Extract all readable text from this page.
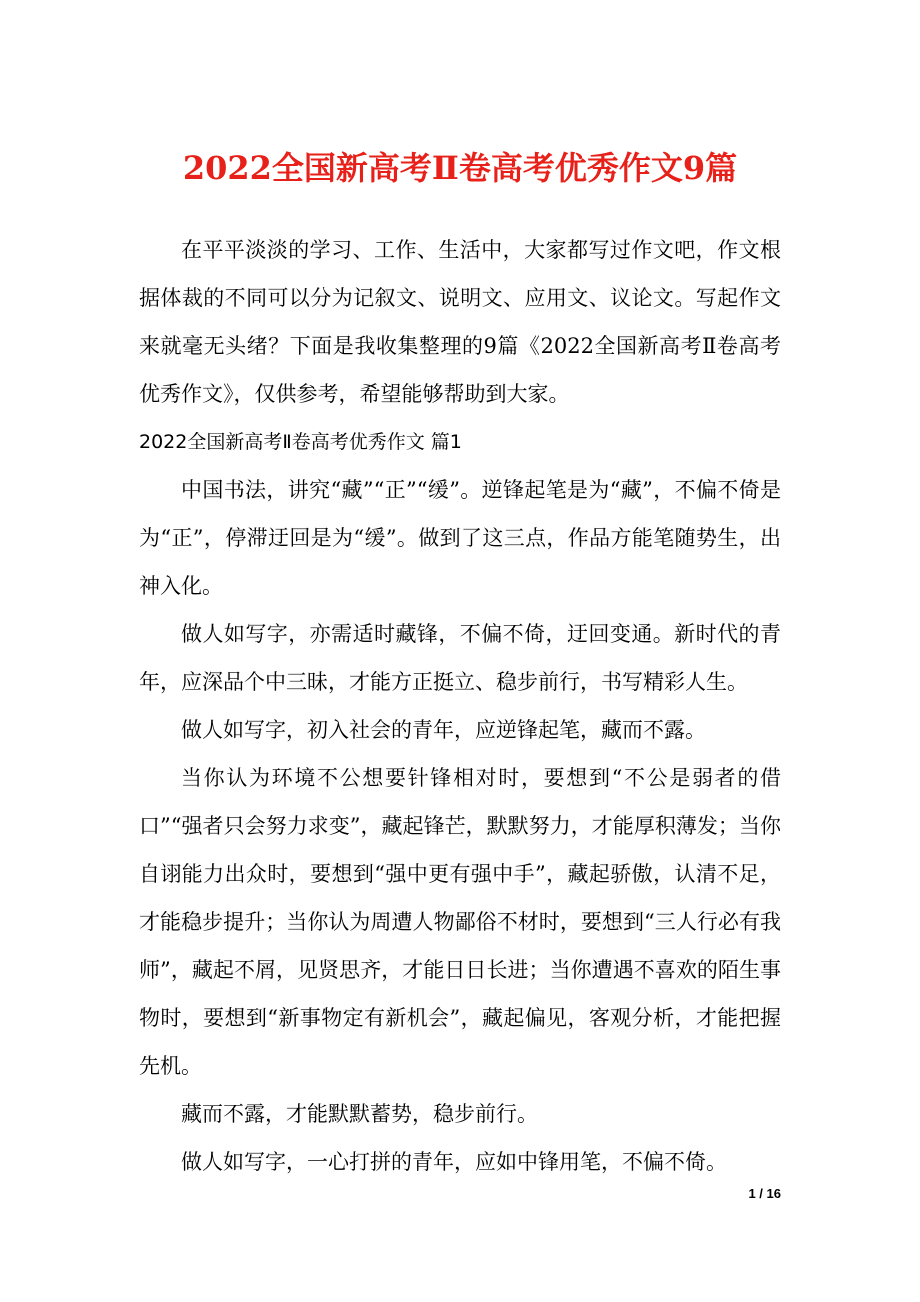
2022全国新高考Ⅱ卷高考优秀作文9篇

在平平淡淡的学习、工作、生活中，大家都写过作文吧，作文根据体裁的不同可以分为记叙文、说明文、应用文、议论文。写起作文来就毫无头绪？下面是我收集整理的9篇《2022全国新高考Ⅱ卷高考优秀作文》，仅供参考，希望能够帮助到大家。

2022全国新高考Ⅱ卷高考优秀作文 篇1

中国书法，讲究“藏”“正”“缓”。逆锋起笔是为“藏”，不偏不倚是为“正”，停滞迂回是为“缓”。做到了这三点，作品方能笔随势生，出神入化。

做人如写字，亦需适时藏锋，不偏不倚，迂回变通。新时代的青年，应深品个中三昧，才能方正挺立、稳步前行，书写精彩人生。

做人如写字，初入社会的青年，应逆锋起笔，藏而不露。

当你认为环境不公想要针锋相对时，要想到“不公是弱者的借口”“强者只会努力求变”，藏起锋芒，默默努力，才能厚积薄发；当你自诩能力出众时，要想到“强中更有强中手”，藏起骄傲，认清不足，才能稳步提升；当你认为周遭人物鄙俗不材时，要想到“三人行必有我师”，藏起不屑，见贤思齐，才能日日长进；当你遭遇不喜欢的陌生事物时，要想到“新事物定有新机会”，藏起偏见，客观分析，才能把握先机。

藏而不露，才能默默蓄势，稳步前行。

做人如写字，一心打拼的青年，应如中锋用笔，不偏不倚。

1 / 16
